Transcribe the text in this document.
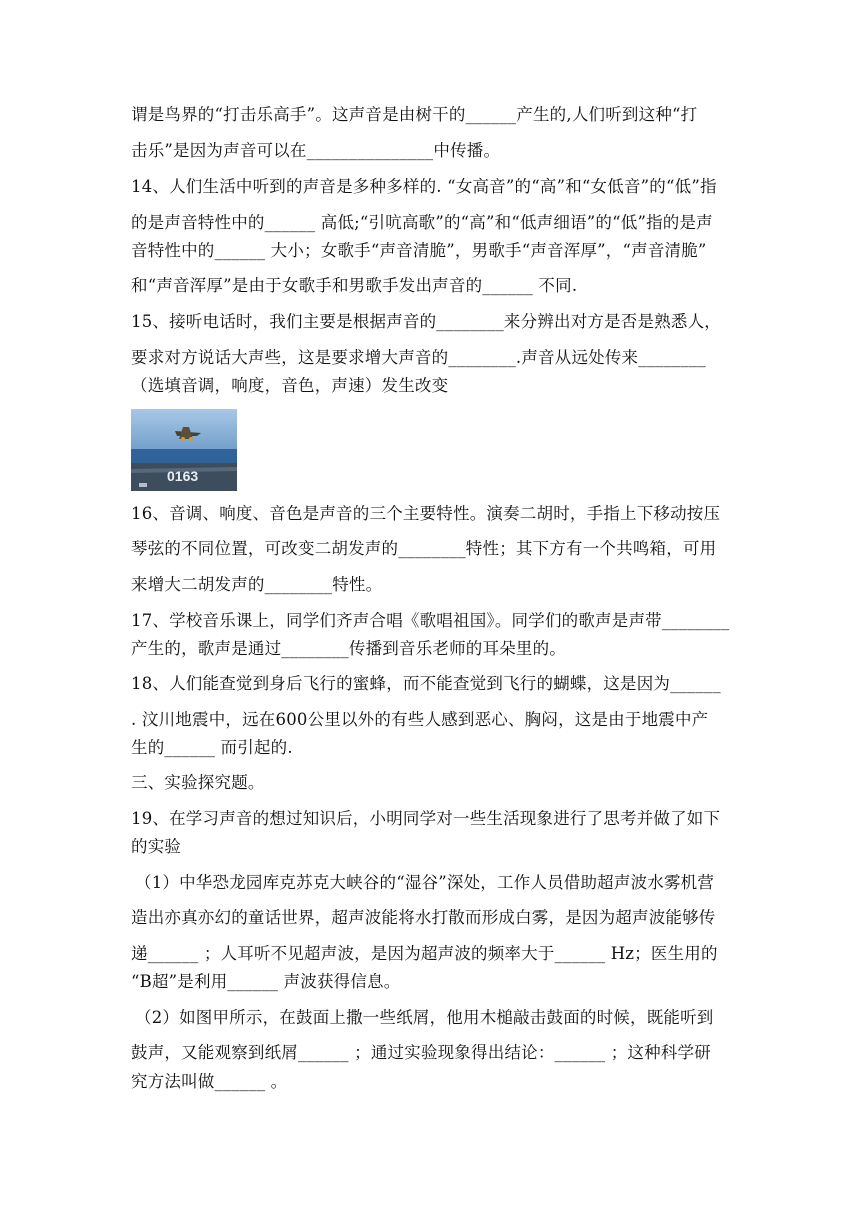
谓是鸟界的“打击乐高手”。这声音是由树干的______产生的,人们听到这种“打
击乐”是因为声音可以在_______________中传播。
14、人们生活中听到的声音是多种多样的. “女高音”的“高”和“女低音”的“低”指
的是声音特性中的______ 高低;“引吭高歌”的“高”和“低声细语”的“低”指的是声
音特性中的______ 大小；女歌手“声音清脆”，男歌手“声音浑厚”，“声音清脆”
和“声音浑厚”是由于女歌手和男歌手发出声音的______ 不同.
15、接听电话时，我们主要是根据声音的________来分辨出对方是否是熟悉人，
要求对方说话大声些，这是要求增大声音的________.声音从远处传来________
（选填音调，响度，音色，声速）发生改变
0163
16、音调、响度、音色是声音的三个主要特性。演奏二胡时，手指上下移动按压
琴弦的不同位置，可改变二胡发声的________特性；其下方有一个共鸣箱，可用
来增大二胡发声的________特性。
17、学校音乐课上，同学们齐声合唱《歌唱祖国》。同学们的歌声是声带________
产生的，歌声是通过________传播到音乐老师的耳朵里的。
18、人们能查觉到身后飞行的蜜蜂，而不能查觉到飞行的蝴蝶，这是因为______
. 汶川地震中，远在600公里以外的有些人感到恶心、胸闷，这是由于地震中产
生的______ 而引起的.
三、实验探究题。
19、在学习声音的想过知识后，小明同学对一些生活现象进行了思考并做了如下
的实验
（1）中华恐龙园库克苏克大峡谷的“湿谷”深处，工作人员借助超声波水雾机营
造出亦真亦幻的童话世界，超声波能将水打散而形成白雾，是因为超声波能够传
递______ ；人耳听不见超声波，是因为超声波的频率大于______ Hz；医生用的
“B超”是利用______ 声波获得信息。
（2）如图甲所示，在鼓面上撒一些纸屑，他用木槌敲击鼓面的时候，既能听到
鼓声，又能观察到纸屑______ ；通过实验现象得出结论：______ ；这种科学研
究方法叫做______ 。
